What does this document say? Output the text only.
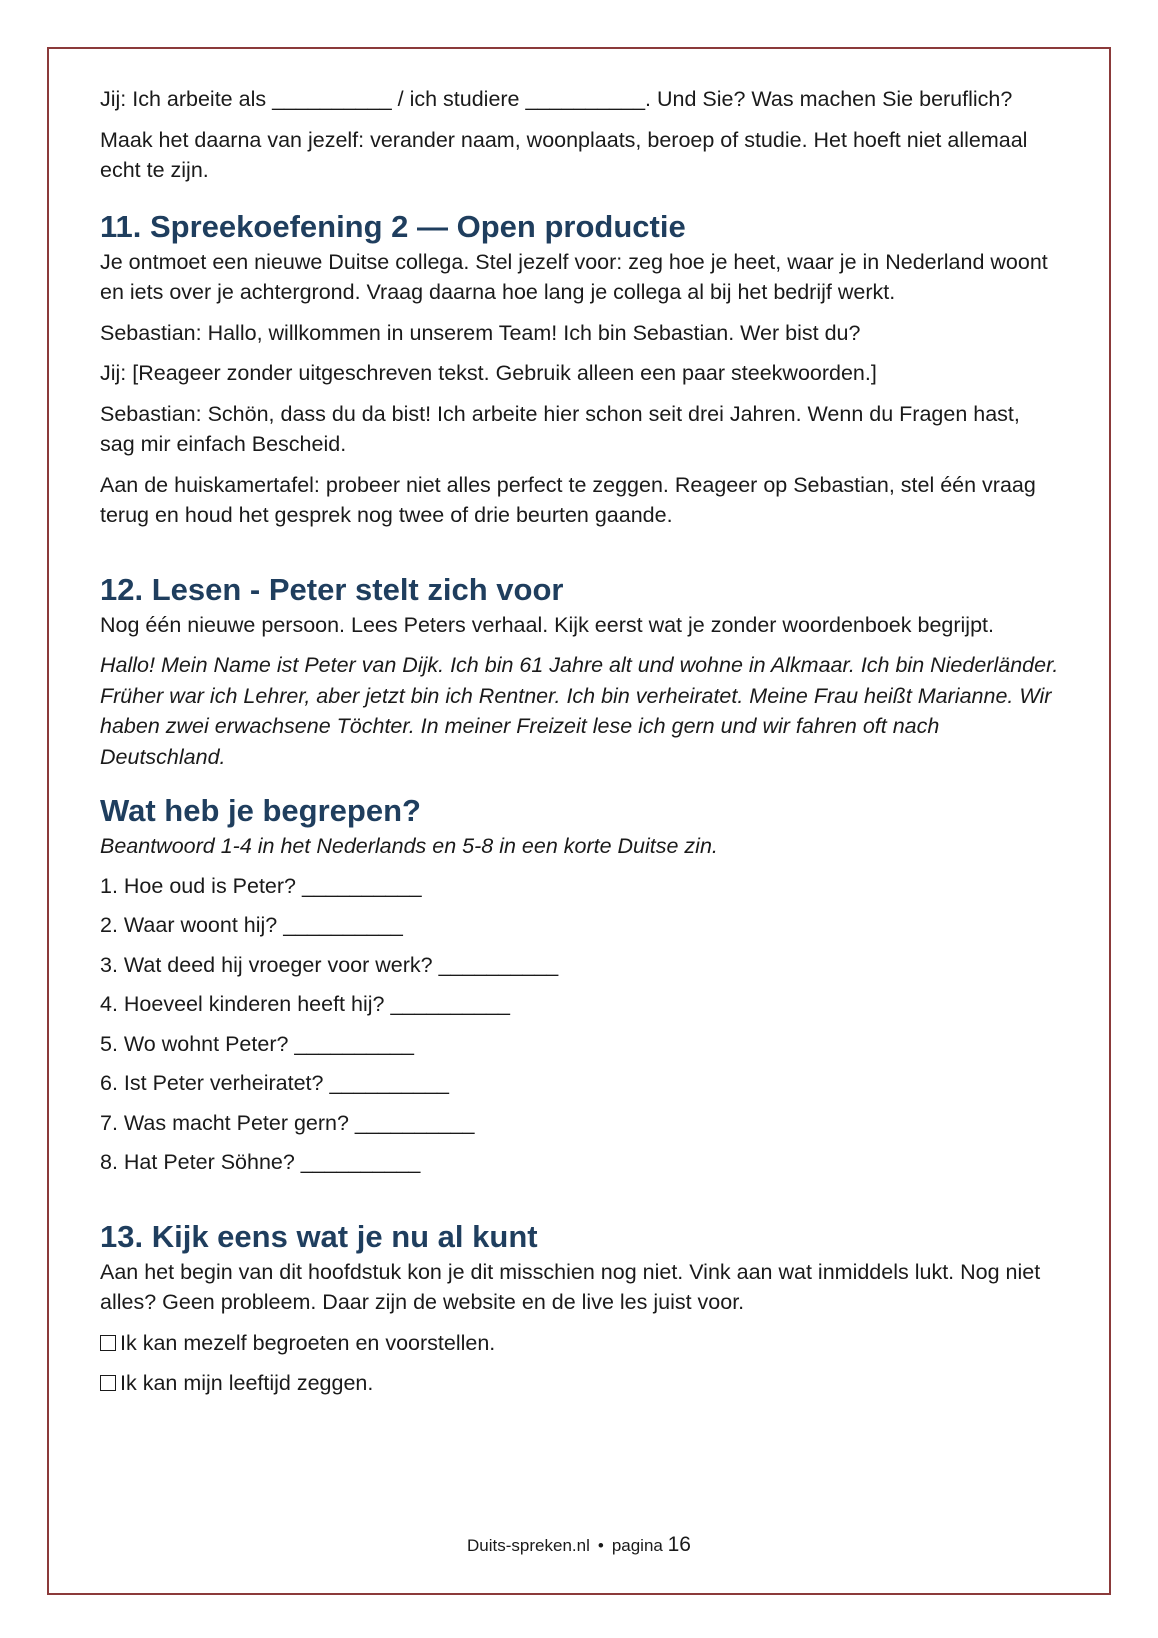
Jij: Ich arbeite als __________ / ich studiere __________. Und Sie? Was machen Sie beruflich?

Maak het daarna van jezelf: verander naam, woonplaats, beroep of studie. Het hoeft niet allemaal echt te zijn.

11. Spreekoefening 2 — Open productie

Je ontmoet een nieuwe Duitse collega. Stel jezelf voor: zeg hoe je heet, waar je in Nederland woont en iets over je achtergrond. Vraag daarna hoe lang je collega al bij het bedrijf werkt.

Sebastian: Hallo, willkommen in unserem Team! Ich bin Sebastian. Wer bist du?

Jij: [Reageer zonder uitgeschreven tekst. Gebruik alleen een paar steekwoorden.]

Sebastian: Schön, dass du da bist! Ich arbeite hier schon seit drei Jahren. Wenn du Fragen hast, sag mir einfach Bescheid.

Aan de huiskamertafel: probeer niet alles perfect te zeggen. Reageer op Sebastian, stel één vraag terug en houd het gesprek nog twee of drie beurten gaande.

12. Lesen - Peter stelt zich voor

Nog één nieuwe persoon. Lees Peters verhaal. Kijk eerst wat je zonder woordenboek begrijpt.

Hallo! Mein Name ist Peter van Dijk. Ich bin 61 Jahre alt und wohne in Alkmaar. Ich bin Niederländer. Früher war ich Lehrer, aber jetzt bin ich Rentner. Ich bin verheiratet. Meine Frau heißt Marianne. Wir haben zwei erwachsene Töchter. In meiner Freizeit lese ich gern und wir fahren oft nach Deutschland.

Wat heb je begrepen?

Beantwoord 1-4 in het Nederlands en 5-8 in een korte Duitse zin.

1. Hoe oud is Peter? __________

2. Waar woont hij? __________

3. Wat deed hij vroeger voor werk? __________

4. Hoeveel kinderen heeft hij? __________

5. Wo wohnt Peter? __________

6. Ist Peter verheiratet? __________

7. Was macht Peter gern? __________

8. Hat Peter Söhne? __________

13. Kijk eens wat je nu al kunt

Aan het begin van dit hoofdstuk kon je dit misschien nog niet. Vink aan wat inmiddels lukt. Nog niet alles? Geen probleem. Daar zijn de website en de live les juist voor.

Ik kan mezelf begroeten en voorstellen.

Ik kan mijn leeftijd zeggen.

Duits-spreken.nl • pagina 16
